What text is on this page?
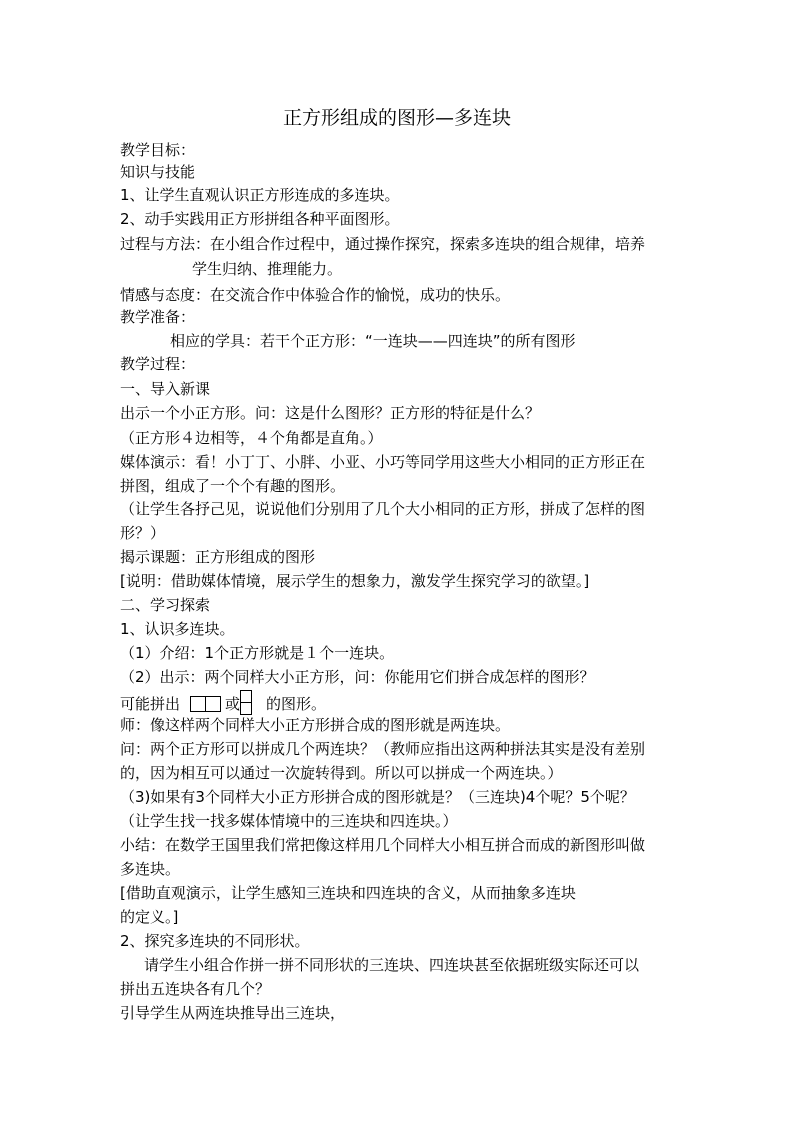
正方形组成的图形—多连块
教学目标：
知识与技能
1、让学生直观认识正方形连成的多连块。
2、动手实践用正方形拼组各种平面图形。
过程与方法：在小组合作过程中，通过操作探究，探索多连块的组合规律，培养
学生归纳、推理能力。
情感与态度：在交流合作中体验合作的愉悦，成功的快乐。
教学准备：
相应的学具：若干个正方形：“一连块——四连块”的所有图形
教学过程：
一、导入新课
出示一个小正方形。问：这是什么图形？正方形的特征是什么？
（正方形４边相等，４个角都是直角。）
媒体演示：看！小丁丁、小胖、小亚、小巧等同学用这些大小相同的正方形正在
拼图，组成了一个个有趣的图形。
（让学生各抒己见，说说他们分别用了几个大小相同的正方形，拼成了怎样的图
形？）
揭示课题：正方形组成的图形
[说明：借助媒体情境，展示学生的想象力，激发学生探究学习的欲望。]
二、学习探索
1、认识多连块。
（1）介绍：1个正方形就是１个一连块。
（2）出示：两个同样大小正方形，问：你能用它们拼合成怎样的图形？
可能拼出	或 的图形。
师：像这样两个同样大小正方形拼合成的图形就是两连块。
问：两个正方形可以拼成几个两连块？（教师应指出这两种拼法其实是没有差别
的，因为相互可以通过一次旋转得到。所以可以拼成一个两连块。）
（3)如果有3个同样大小正方形拼合成的图形就是？（三连块)4个呢？5个呢？
（让学生找一找多媒体情境中的三连块和四连块。）
小结：在数学王国里我们常把像这样用几个同样大小相互拼合而成的新图形叫做
多连块。
[借助直观演示，让学生感知三连块和四连块的含义，从而抽象多连块
的定义。]
2、探究多连块的不同形状。
请学生小组合作拼一拼不同形状的三连块、四连块甚至依据班级实际还可以
拼出五连块各有几个？
引导学生从两连块推导出三连块，
